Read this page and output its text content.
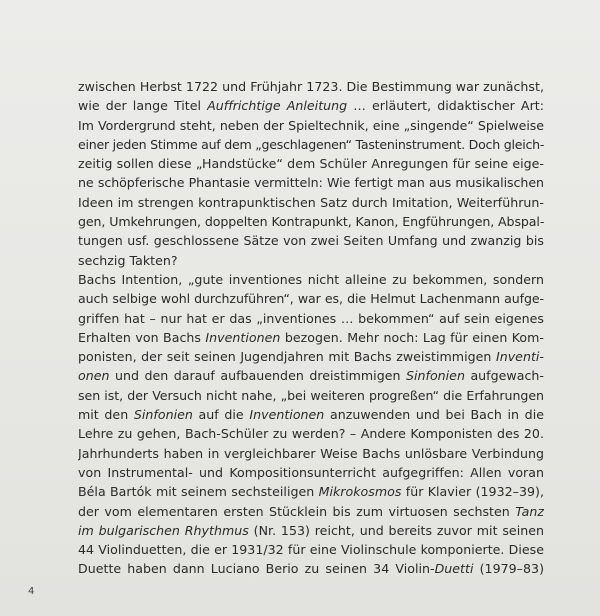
zwischen Herbst 1722 und Frühjahr 1723. Die Bestimmung war zunächst,
wie der lange Titel Auffrichtige Anleitung … erläutert, didaktischer Art:
Im Vordergrund steht, neben der Spieltechnik, eine „singende“ Spielweise
einer jeden Stimme auf dem „geschlagenen“ Tasteninstrument. Doch gleich-
zeitig sollen diese „Handstücke“ dem Schüler Anregungen für seine eige-
ne schöpferische Phantasie vermitteln: Wie fertigt man aus musikalischen
Ideen im strengen kontrapunktischen Satz durch Imitation, Weiterführun-
gen, Umkehrungen, doppelten Kontrapunkt, Kanon, Engführungen, Abspal-
tungen usf. geschlossene Sätze von zwei Seiten Umfang und zwanzig bis
sechzig Takten?
Bachs Intention, „gute inventiones nicht alleine zu bekommen, sondern
auch selbige wohl durchzuführen“, war es, die Helmut Lachenmann aufge-
griffen hat – nur hat er das „inventiones … bekommen“ auf sein eigenes
Erhalten von Bachs Inventionen bezogen. Mehr noch: Lag für einen Kom-
ponisten, der seit seinen Jugendjahren mit Bachs zweistimmigen Inventi-
onen und den darauf aufbauenden dreistimmigen Sinfonien aufgewach-
sen ist, der Versuch nicht nahe, „bei weiteren progreßen“ die Erfahrungen
mit den Sinfonien auf die Inventionen anzuwenden und bei Bach in die
Lehre zu gehen, Bach-Schüler zu werden? – Andere Komponisten des 20.
Jahrhunderts haben in vergleichbarer Weise Bachs unlösbare Verbindung
von Instrumental- und Kompositionsunterricht aufgegriffen: Allen voran
Béla Bartók mit seinem sechsteiligen Mikrokosmos für Klavier (1932–39),
der vom elementaren ersten Stücklein bis zum virtuosen sechsten Tanz
im bulgarischen Rhythmus (Nr. 153) reicht, und bereits zuvor mit seinen
44 Violinduetten, die er 1931/32 für eine Violinschule komponierte. Diese
Duette haben dann Luciano Berio zu seinen 34 Violin-Duetti (1979–83)
4
